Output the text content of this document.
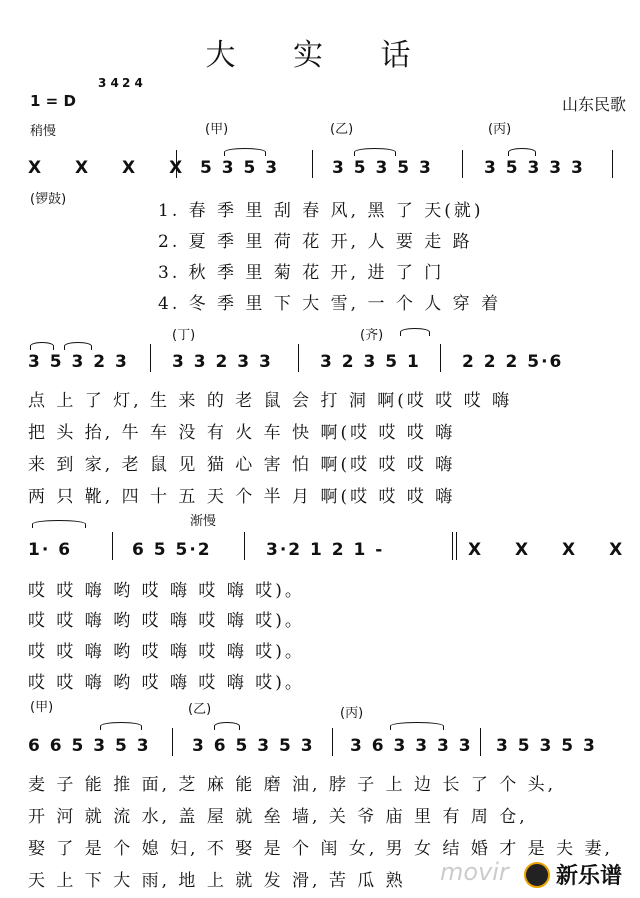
大 实 话
1 = D
3 4 2 4
稍慢
山东民歌
(甲)	(乙)	(丙)
X X X X 5 3 5 3	3 5 3 5 3	3 5 3 3 3
(锣鼓)
1. 春 季 里 刮 春 风, 黑 了 天(就)
2. 夏 季 里 荷 花 开, 人 要 走 路
3. 秋 季 里 菊 花 开, 进 了 门
4. 冬 季 里 下 大 雪, 一 个 人 穿 着
(丁)	(齐)
3 5 3 2 3	3 3 2 3 3	3 2 3 5 1 2 2 2 5·6
点 上 了 灯, 生 来 的 老 鼠 会 打 洞 啊(哎 哎 哎 嗨
把 头 抬, 牛 车 没 有 火 车 快 啊(哎 哎 哎 嗨
来 到 家, 老 鼠 见 猫 心 害 怕 啊(哎 哎 哎 嗨
两 只 靴, 四 十 五 天 个 半 月 啊(哎 哎 哎 嗨
渐慢
1· 6	6 5 5·2	3·2 1 2 1 -	X X X X
哎 哎 嗨 哟 哎 嗨 哎 嗨 哎)。
哎 哎 嗨 哟 哎 嗨 哎 嗨 哎)。
哎 哎 嗨 哟 哎 嗨 哎 嗨 哎)。
哎 哎 嗨 哟 哎 嗨 哎 嗨 哎)。
(甲)	(乙)	(丙)
6 6 5 3 5 3 3 6 5 3 5 3 3 6 3 3 3 3 3 5 3 5 3
麦 子 能 推 面, 芝 麻 能 磨 油, 脖 子 上 边 长 了 个 头,
开 河 就 流 水, 盖 屋 就 垒 墙, 关 爷 庙 里 有 周 仓,
娶 了 是 个 媳 妇, 不 娶 是 个 闺 女, 男 女 结 婚 才 是 夫 妻,
天 上 下 大 雨, 地 上 就 发 滑, 苦 瓜 熟 movir 新乐谱
